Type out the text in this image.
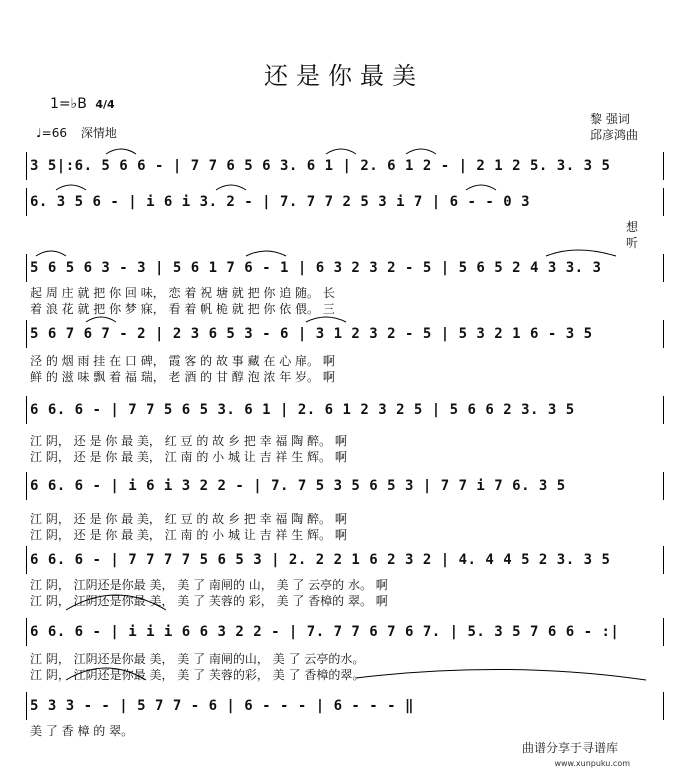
还是你最美
1=♭B 4/4
♩=66 深情地
黎 强词
邱彦鸿曲
3 5|:6. 5 6 6 - | 7 7 6 5 6 3. 6 1 | 2. 6 1 2 - | 2 1 2 5. 3. 3 5
6. 3 5 6 - | i 6 i 3. 2 - | 7. 7 7 2 5 3 i 7 | 6 - - 0 3
想
听
5 6 5 6 3 - 3 | 5 6 1 7 6 - 1 | 6 3 2 3 2 - 5 | 5 6 5 2 4 3 3. 3
起 周 庄 就 把 你 回 味， 恋 着 祝 塘 就 把 你 追 随。 长
着 浪 花 就 把 你 梦 寐， 看 着 帆 桅 就 把 你 依 偎。 三
5 6 7 6 7 - 2 | 2 3 6 5 3 - 6 | 3 1 2 3 2 - 5 | 5 3 2 1 6 - 3 5
泾 的 烟 雨 挂 在 口 碑， 霞 客 的 故 事 藏 在 心 扉。 啊
鲜 的 滋 味 飘 着 福 瑞， 老 酒 的 甘 醇 泡 浓 年 岁。 啊
6 6. 6 - | 7 7 5 6 5 3. 6 1 | 2. 6 1 2 3 2 5 | 5 6 6 2 3. 3 5
江 阴， 还 是 你 最 美， 红 豆 的 故 乡 把 幸 福 陶 醉。 啊
江 阴， 还 是 你 最 美， 江 南 的 小 城 让 吉 祥 生 辉。 啊
6 6. 6 - | i 6 i 3 2 2 - | 7. 7 5 3 5 6 5 3 | 7 7 i 7 6. 3 5
江 阴， 还 是 你 最 美， 红 豆 的 故 乡 把 幸 福 陶 醉。 啊
江 阴， 还 是 你 最 美， 江 南 的 小 城 让 吉 祥 生 辉。 啊
6 6. 6 - | 7 7 7 7 5 6 5 3 | 2. 2 2 1 6 2 3 2 | 4. 4 4 5 2 3. 3 5
江 阴， 江阴还是你最 美， 美 了 南闸的 山， 美 了 云亭的 水。 啊
江 阴， 江阴还是你最 美， 美 了 芙蓉的 彩， 美 了 香樟的 翠。 啊
6 6. 6 - | i i i 6 6 3 2 2 - | 7. 7 7 6 7 6 7. | 5. 3 5 7 6 6 - :|
江 阴， 江阴还是你最 美， 美 了 南闸的山， 美 了 云亭的水。
江 阴， 江阴还是你最 美， 美 了 芙蓉的彩， 美 了 香樟的翠。
5 3 3 - - | 5 7 7 - 6 | 6 - - - | 6 - - - ‖
美 了 香 樟 的 翠。
曲谱分享于寻谱库
www.xunpuku.com
